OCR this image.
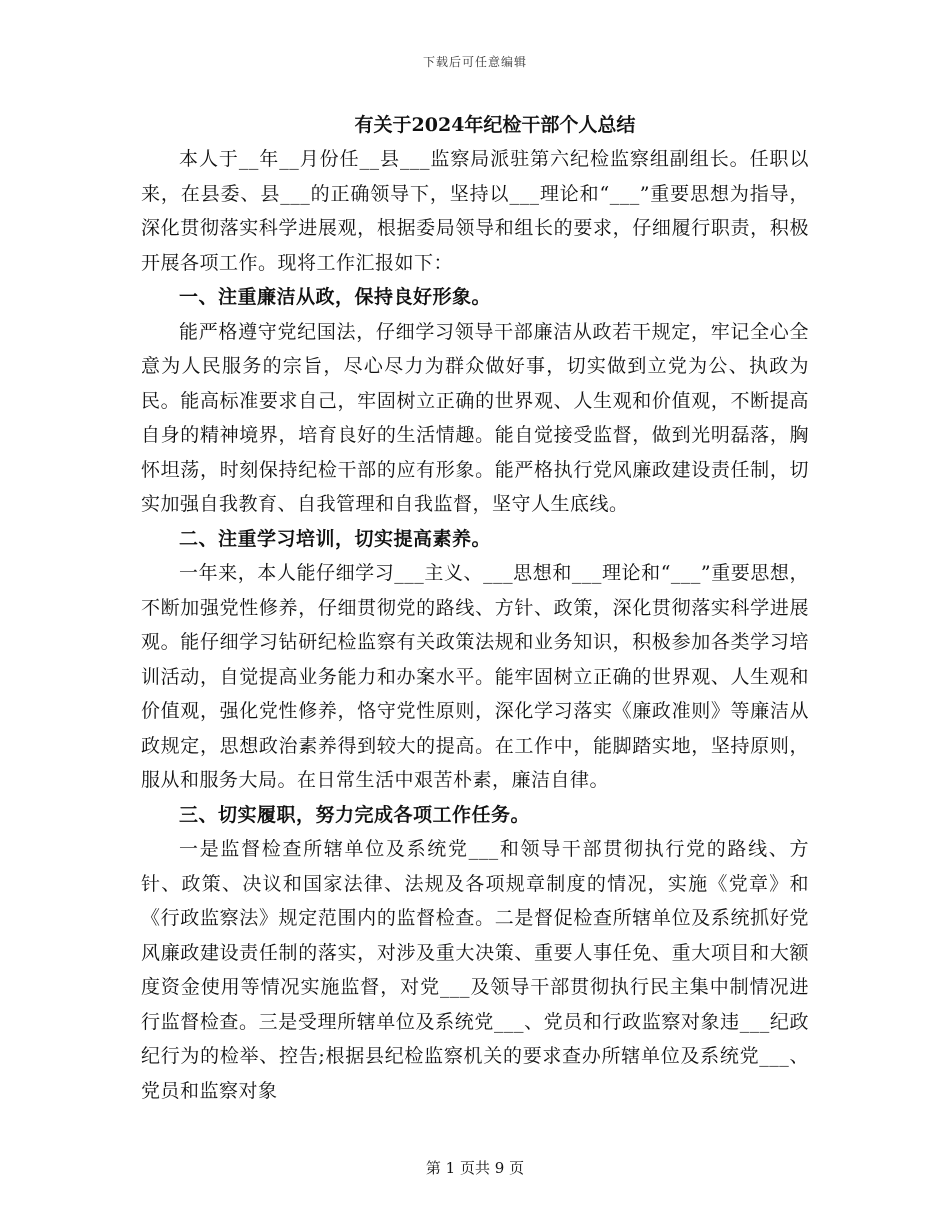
下载后可任意编辑
有关于2024年纪检干部个人总结

本人于__年__月份任__县___监察局派驻第六纪检监察组副组长。任职以来，在县委、县___的正确领导下，坚持以___理论和“___”重要思想为指导，深化贯彻落实科学进展观，根据委局领导和组长的要求，仔细履行职责，积极开展各项工作。现将工作汇报如下：

一、注重廉洁从政，保持良好形象。

能严格遵守党纪国法，仔细学习领导干部廉洁从政若干规定，牢记全心全意为人民服务的宗旨，尽心尽力为群众做好事，切实做到立党为公、执政为民。能高标准要求自己，牢固树立正确的世界观、人生观和价值观，不断提高自身的精神境界，培育良好的生活情趣。能自觉接受监督，做到光明磊落，胸怀坦荡，时刻保持纪检干部的应有形象。能严格执行党风廉政建设责任制，切实加强自我教育、自我管理和自我监督，坚守人生底线。

二、注重学习培训，切实提高素养。

一年来，本人能仔细学习___主义、___思想和___理论和“___”重要思想，不断加强党性修养，仔细贯彻党的路线、方针、政策，深化贯彻落实科学进展观。能仔细学习钻研纪检监察有关政策法规和业务知识，积极参加各类学习培训活动，自觉提高业务能力和办案水平。能牢固树立正确的世界观、人生观和价值观，强化党性修养，恪守党性原则，深化学习落实《廉政准则》等廉洁从政规定，思想政治素养得到较大的提高。在工作中，能脚踏实地，坚持原则，服从和服务大局。在日常生活中艰苦朴素，廉洁自律。

三、切实履职，努力完成各项工作任务。

一是监督检查所辖单位及系统党___和领导干部贯彻执行党的路线、方针、政策、决议和国家法律、法规及各项规章制度的情况，实施《党章》和《行政监察法》规定范围内的监督检查。二是督促检查所辖单位及系统抓好党风廉政建设责任制的落实，对涉及重大决策、重要人事任免、重大项目和大额度资金使用等情况实施监督，对党___及领导干部贯彻执行民主集中制情况进行监督检查。三是受理所辖单位及系统党___、党员和行政监察对象违___纪政纪行为的检举、控告;根据县纪检监察机关的要求查办所辖单位及系统党___、党员和监察对象

第 1 页共 9 页
